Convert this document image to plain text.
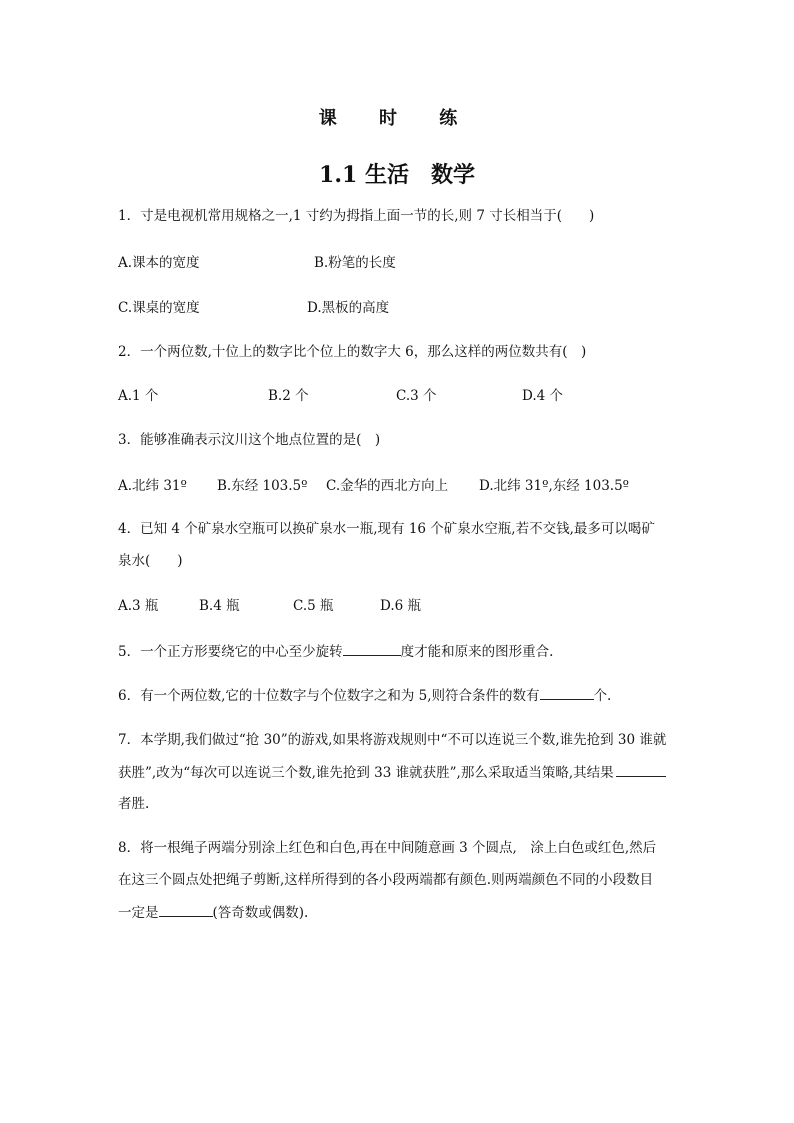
课 时 练
1.1 生活　数学
1．寸是电视机常用规格之一,1 寸约为拇指上面一节的长,则 7 寸长相当于(　　)
A.课本的宽度	B.粉笔的长度
C.课桌的宽度	D.黑板的高度
2．一个两位数,十位上的数字比个位上的数字大 6，那么这样的两位数共有(　)
A.1 个	B.2 个	C.3 个	D.4 个
3．能够准确表示汶川这个地点位置的是(　)
A.北纬 31º B.东经 103.5º C.金华的西北方向上 D.北纬 31º,东经 103.5º
4．已知 4 个矿泉水空瓶可以换矿泉水一瓶,现有 16 个矿泉水空瓶,若不交钱,最多可以喝矿
泉水(　　)
A.3 瓶	B.4 瓶	C.5 瓶	D.6 瓶
5．一个正方形要绕它的中心至少旋转	度才能和原来的图形重合.
6．有一个两位数,它的十位数字与个位数字之和为 5,则符合条件的数有	个.
7．本学期,我们做过“抢 30”的游戏,如果将游戏规则中“不可以连说三个数,谁先抢到 30 谁就
获胜”,改为“每次可以连说三个数,谁先抢到 33 谁就获胜”,那么采取适当策略,其结果
者胜.
8．将一根绳子两端分别涂上红色和白色,再在中间随意画 3 个圆点,　涂上白色或红色,然后
在这三个圆点处把绳子剪断,这样所得到的各小段两端都有颜色.则两端颜色不同的小段数目
一定是	(答奇数或偶数).
